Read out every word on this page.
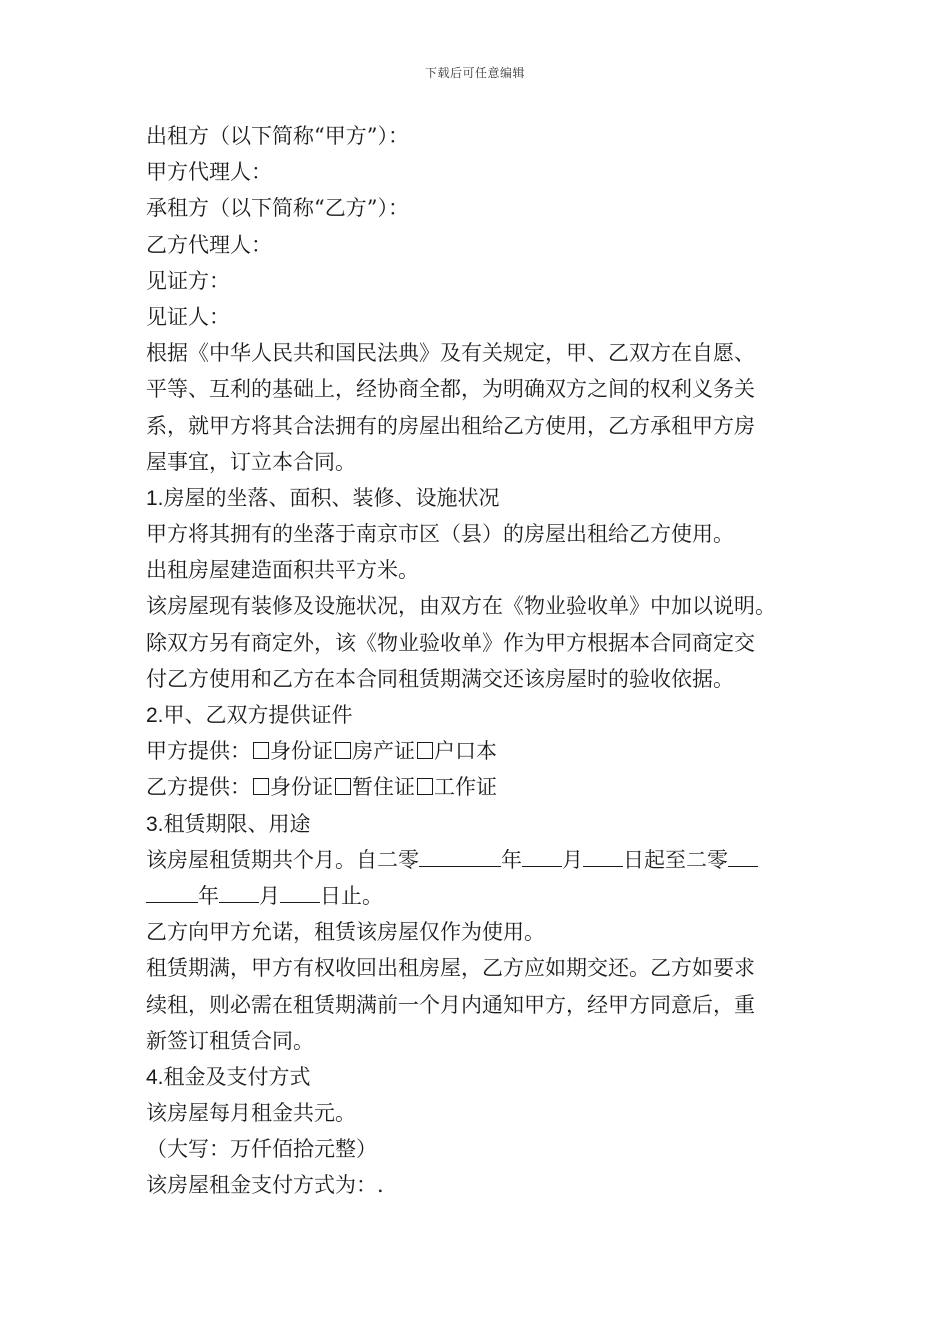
下载后可任意编辑
出租方（以下简称“甲方”）：
甲方代理人：
承租方（以下简称“乙方”）：
乙方代理人：
见证方：
见证人：
根据《中华人民共和国民法典》及有关规定，甲、乙双方在自愿、
平等、互利的基础上，经协商全都，为明确双方之间的权利义务关
系，就甲方将其合法拥有的房屋出租给乙方使用，乙方承租甲方房
屋事宜，订立本合同。
1.房屋的坐落、面积、装修、设施状况
甲方将其拥有的坐落于南京市区（县）的房屋出租给乙方使用。
出租房屋建造面积共平方米。
该房屋现有装修及设施状况，由双方在《物业验收单》中加以说明。
除双方另有商定外，该《物业验收单》作为甲方根据本合同商定交
付乙方使用和乙方在本合同租赁期满交还该房屋时的验收依据。
2.甲、乙双方提供证件
甲方提供： 身份证 房产证 户口本
乙方提供： 身份证 暂住证 工作证
3.租赁期限、用途
该房屋租赁期共个月。自二零	年 月 日起至二零
年 月 日止。
乙方向甲方允诺，租赁该房屋仅作为使用。
租赁期满，甲方有权收回出租房屋，乙方应如期交还。乙方如要求
续租，则必需在租赁期满前一个月内通知甲方，经甲方同意后，重
新签订租赁合同。
4.租金及支付方式
该房屋每月租金共元。
（大写：万仟佰拾元整）
该房屋租金支付方式为：.
